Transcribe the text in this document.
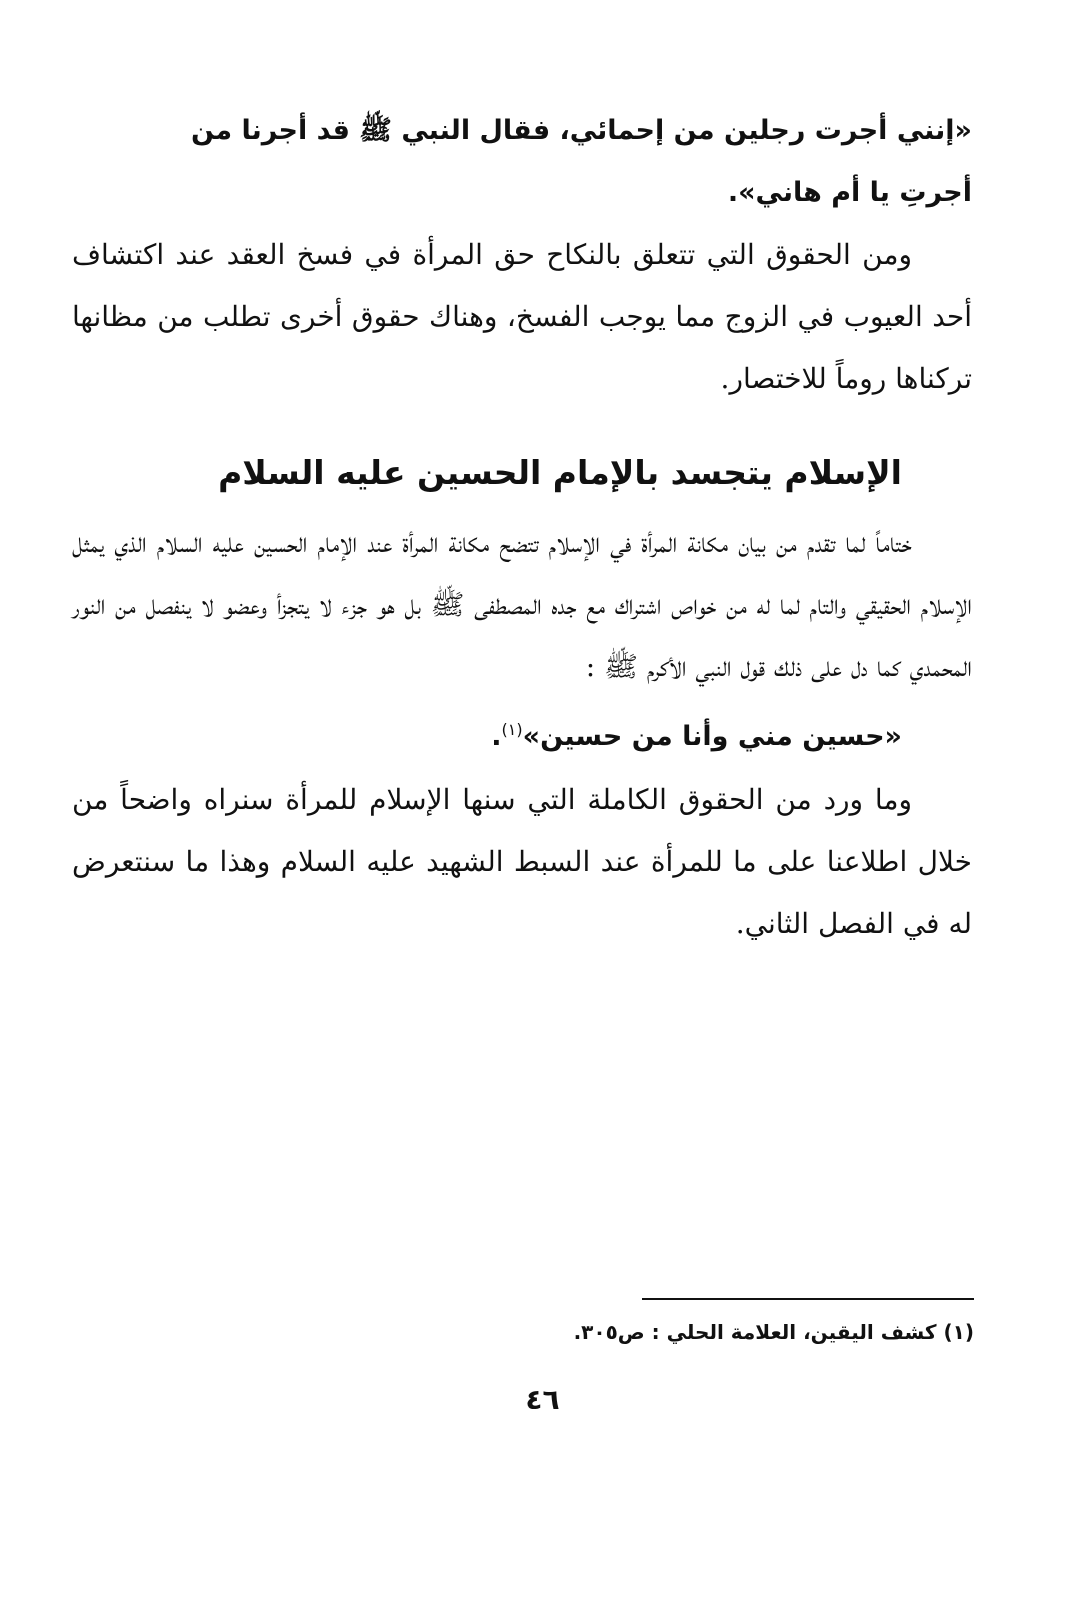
«إنني أجرت رجلين من إحمائي، فقال النبي ﷺ قد أجرنا من

أجرتِ يا أم هاني».

ومن الحقوق التي تتعلق بالنكاح حق المرأة في فسخ العقد عند اكتشاف أحد العيوب في الزوج مما يوجب الفسخ، وهناك حقوق أخرى تطلب من مظانها تركناها روماً للاختصار.

الإسلام يتجسد بالإمام الحسين عليه السلام

ختاماً لما تقدم من بيان مكانة المرأة في الإسلام تتضح مكانة المرأة عند الإمام الحسين عليه السلام الذي يمثل الإسلام الحقيقي والتام لما له من خواص اشتراك مع جده المصطفى ﷺ بل هو جزء لا يتجزأ وعضو لا ينفصل من النور المحمدي كما دل على ذلك قول النبي الأكرم ﷺ :

«حسين مني وأنا من حسين»$^{(١)}$.

وما ورد من الحقوق الكاملة التي سنها الإسلام للمرأة سنراه واضحاً من خلال اطلاعنا على ما للمرأة عند السبط الشهيد عليه السلام وهذا ما سنتعرض له في الفصل الثاني.

(١) كشف اليقين، العلامة الحلي : ص٣٠٥.
٤٦
